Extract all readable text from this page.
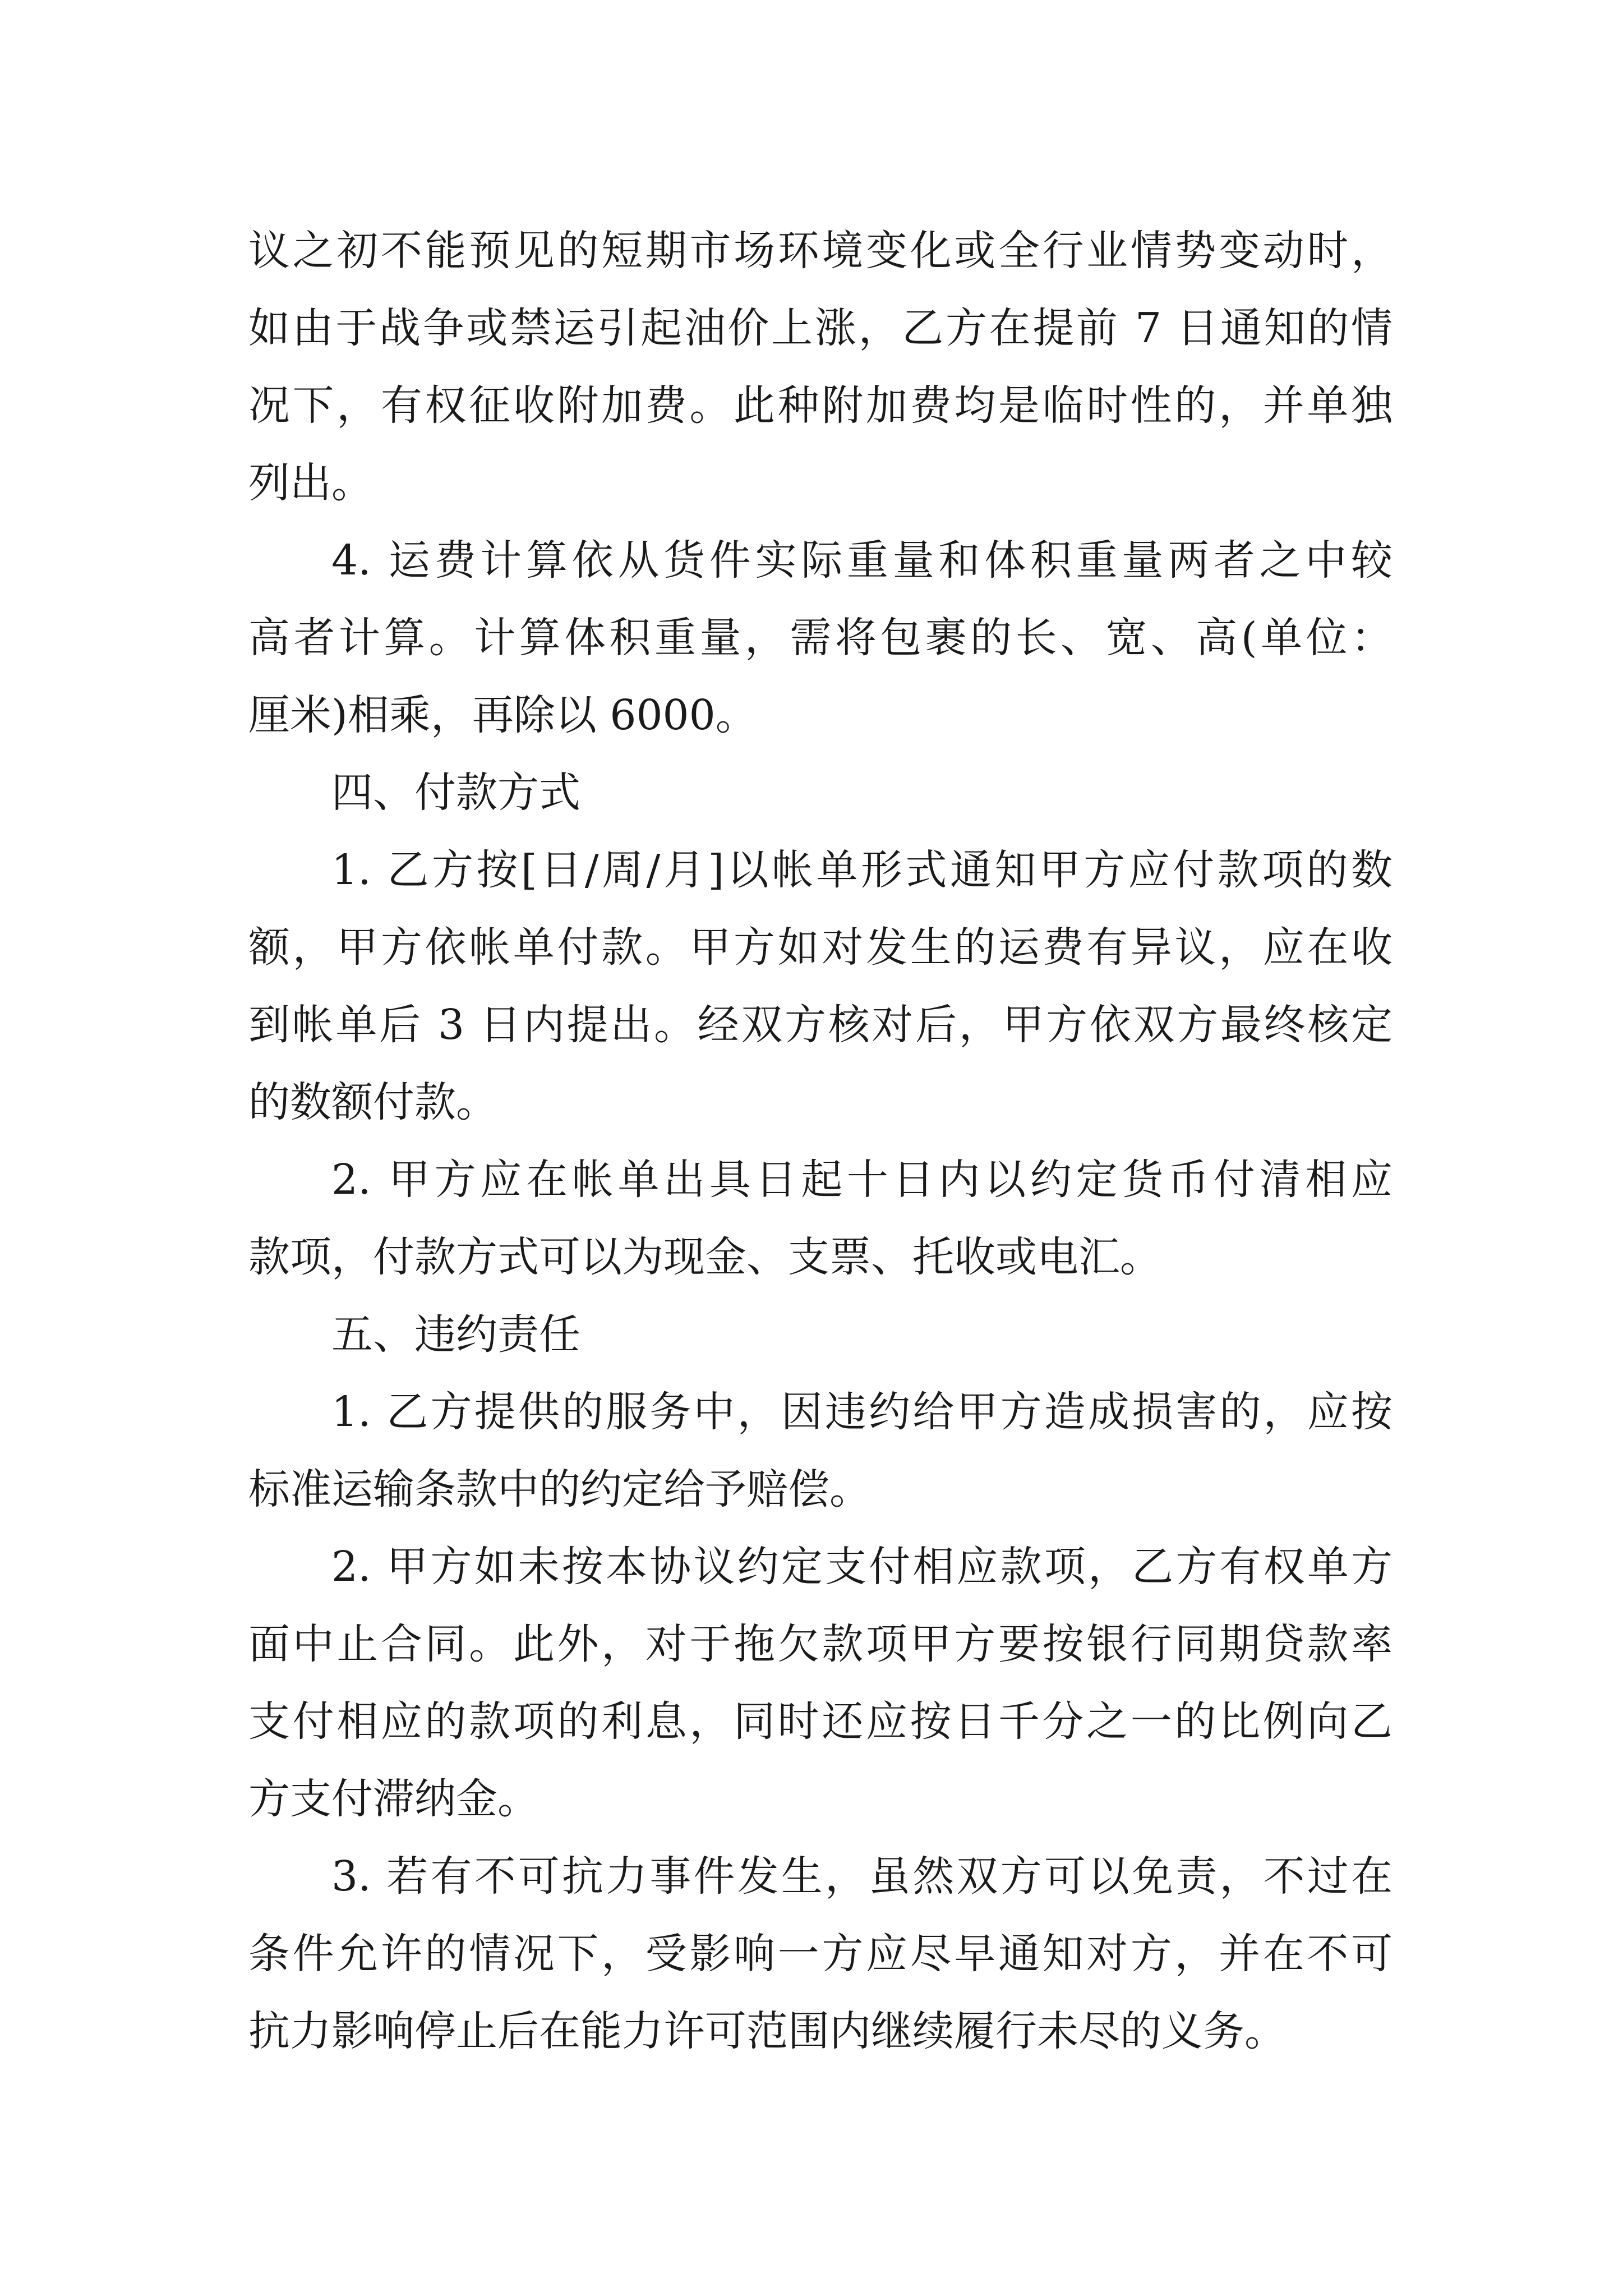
议之初不能预见的短期市场环境变化或全行业情势变动时，
如由于战争或禁运引起油价上涨，乙方在提前 7 日通知的情
况下，有权征收附加费。此种附加费均是临时性的，并单独
列出。
4. 运费计算依从货件实际重量和体积重量两者之中较
高者计算。计算体积重量，需将包裹的长、宽、高(单位：
厘米)相乘，再除以 6000。
四、付款方式
1. 乙方按[日/周/月]以帐单形式通知甲方应付款项的数
额，甲方依帐单付款。甲方如对发生的运费有异议，应在收
到帐单后 3 日内提出。经双方核对后，甲方依双方最终核定
的数额付款。
2. 甲方应在帐单出具日起十日内以约定货币付清相应
款项，付款方式可以为现金、支票、托收或电汇。
五、违约责任
1. 乙方提供的服务中，因违约给甲方造成损害的，应按
标准运输条款中的约定给予赔偿。
2. 甲方如未按本协议约定支付相应款项，乙方有权单方
面中止合同。此外，对于拖欠款项甲方要按银行同期贷款率
支付相应的款项的利息，同时还应按日千分之一的比例向乙
方支付滞纳金。
3. 若有不可抗力事件发生，虽然双方可以免责，不过在
条件允许的情况下，受影响一方应尽早通知对方，并在不可
抗力影响停止后在能力许可范围内继续履行未尽的义务。
